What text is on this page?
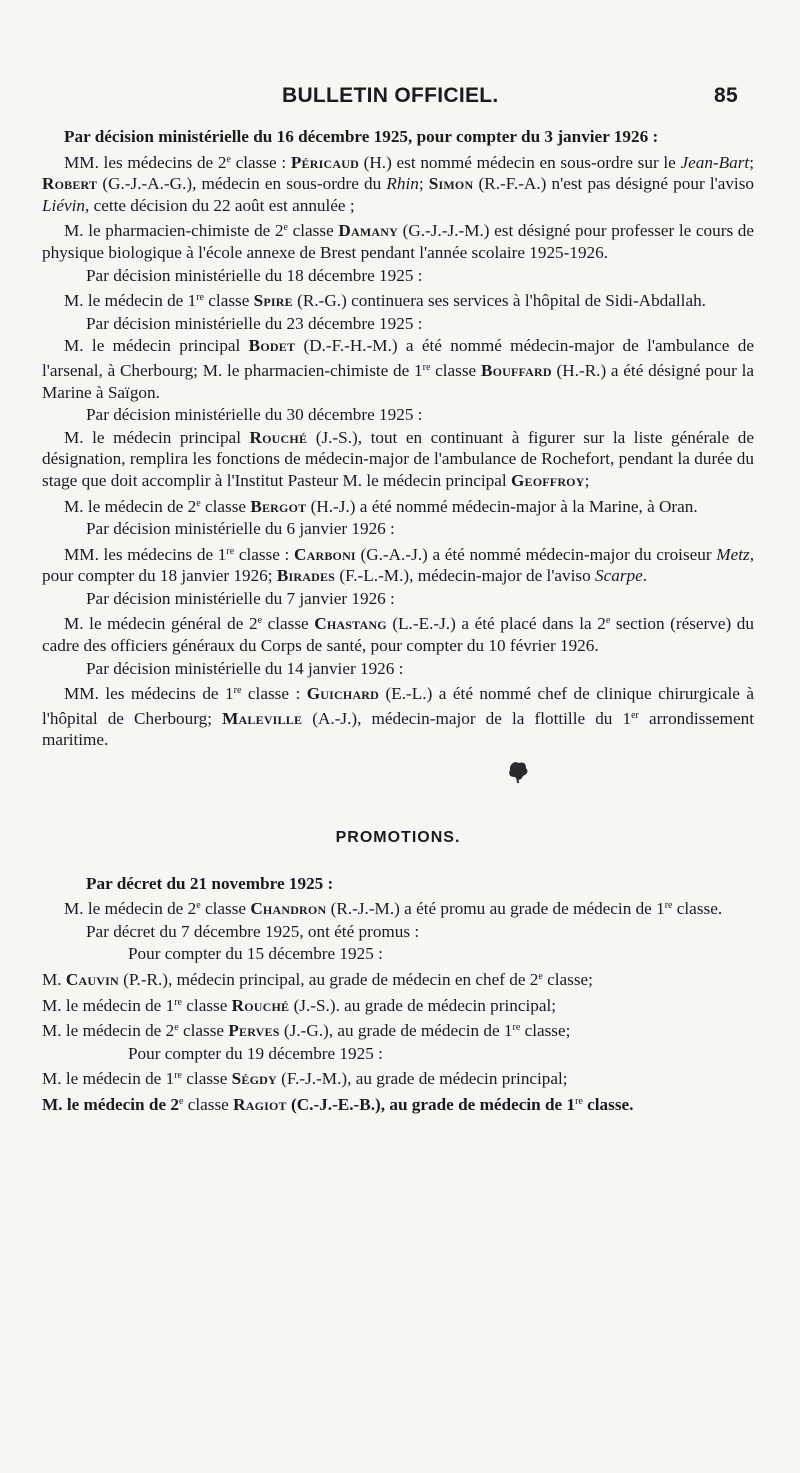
BULLETIN OFFICIEL.	85

Par décision ministérielle du 16 décembre 1925, pour compter du 3 janvier 1926 :

MM. les médecins de 2e classe : Péricaud (H.) est nommé médecin en sous-ordre sur le Jean-Bart; Robert (G.-J.-A.-G.), médecin en sous-ordre du Rhin; Simon (R.-F.-A.) n'est pas désigné pour l'aviso Liévin, cette décision du 22 août est annulée ;

M. le pharmacien-chimiste de 2e classe Damany (G.-J.-J.-M.) est désigné pour professer le cours de physique biologique à l'école annexe de Brest pendant l'année scolaire 1925-1926.

Par décision ministérielle du 18 décembre 1925 :

M. le médecin de 1re classe Spire (R.-G.) continuera ses services à l'hôpital de Sidi-Abdallah.

Par décision ministérielle du 23 décembre 1925 :

M. le médecin principal Bodet (D.-F.-H.-M.) a été nommé médecin-major de l'ambulance de l'arsenal, à Cherbourg; M. le pharmacien-chimiste de 1re classe Bouffard (H.-R.) a été désigné pour la Marine à Saïgon.

Par décision ministérielle du 30 décembre 1925 :

M. le médecin principal Rouché (J.-S.), tout en continuant à figurer sur la liste générale de désignation, remplira les fonctions de médecin-major de l'ambulance de Rochefort, pendant la durée du stage que doit accomplir à l'Institut Pasteur M. le médecin principal Geoffroy;

M. le médecin de 2e classe Bergot (H.-J.) a été nommé médecin-major à la Marine, à Oran.

Par décision ministérielle du 6 janvier 1926 :

MM. les médecins de 1re classe : Carboni (G.-A.-J.) a été nommé médecin-major du croiseur Metz, pour compter du 18 janvier 1926; Birades (F.-L.-M.), médecin-major de l'aviso Scarpe.

Par décision ministérielle du 7 janvier 1926 :

M. le médecin général de 2e classe Chastang (L.-E.-J.) a été placé dans la 2e section (réserve) du cadre des officiers généraux du Corps de santé, pour compter du 10 février 1926.

Par décision ministérielle du 14 janvier 1926 :

MM. les médecins de 1re classe : Guichard (E.-L.) a été nommé chef de clinique chirurgicale à l'hôpital de Cherbourg; Maleville (A.-J.), médecin-major de la flottille du 1er arrondissement maritime.

PROMOTIONS.

Par décret du 21 novembre 1925 :

M. le médecin de 2e classe Chandron (R.-J.-M.) a été promu au grade de médecin de 1re classe.

Par décret du 7 décembre 1925, ont été promus :

Pour compter du 15 décembre 1925 :

M. Cauvin (P.-R.), médecin principal, au grade de médecin en chef de 2e classe;

M. le médecin de 1re classe Rouché (J.-S.). au grade de médecin principal;

M. le médecin de 2e classe Perves (J.-G.), au grade de médecin de 1re classe;

Pour compter du 19 décembre 1925 :

M. le médecin de 1re classe Ségdy (F.-J.-M.), au grade de médecin principal;

M. le médecin de 2e classe Ragiot (C.-J.-E.-B.), au grade de médecin de 1re classe.
